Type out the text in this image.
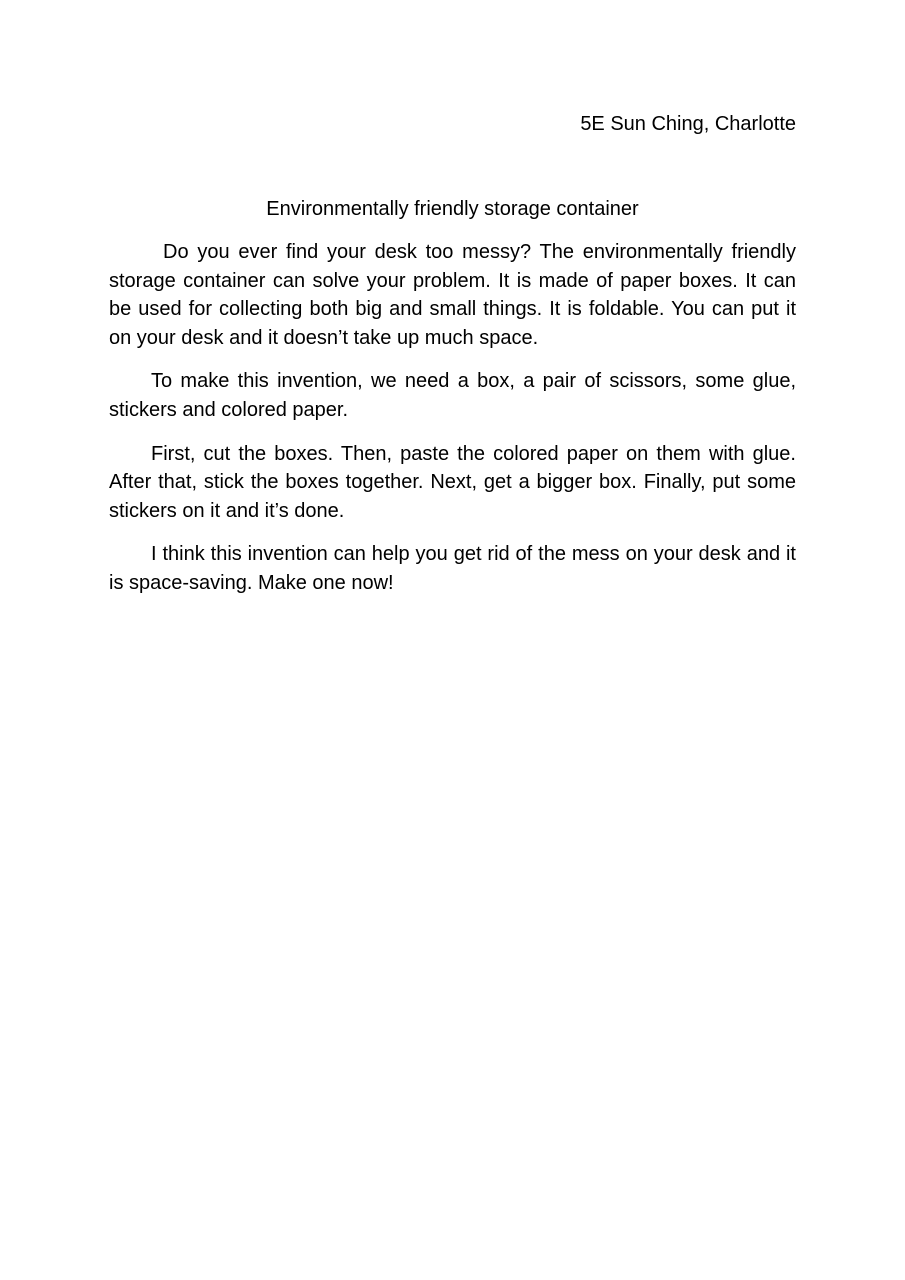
5E Sun Ching, Charlotte
Environmentally friendly storage container

Do you ever find your desk too messy? The environmentally friendly storage container can solve your problem. It is made of paper boxes. It can be used for collecting both big and small things. It is foldable. You can put it on your desk and it doesn’t take up much space.

To make this invention, we need a box, a pair of scissors, some glue, stickers and colored paper.

First, cut the boxes. Then, paste the colored paper on them with glue. After that, stick the boxes together. Next, get a bigger box. Finally, put some stickers on it and it’s done.

I think this invention can help you get rid of the mess on your desk and it is space-saving. Make one now!
